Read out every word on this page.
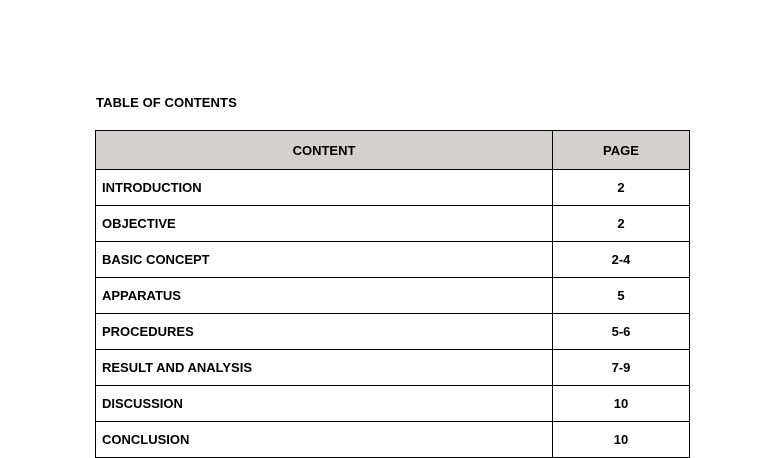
TABLE OF CONTENTS
CONTENT	PAGE
INTRODUCTION	2
OBJECTIVE	2
BASIC CONCEPT	2-4
APPARATUS	5
PROCEDURES	5-6
RESULT AND ANALYSIS	7-9
DISCUSSION	10
CONCLUSION	10
